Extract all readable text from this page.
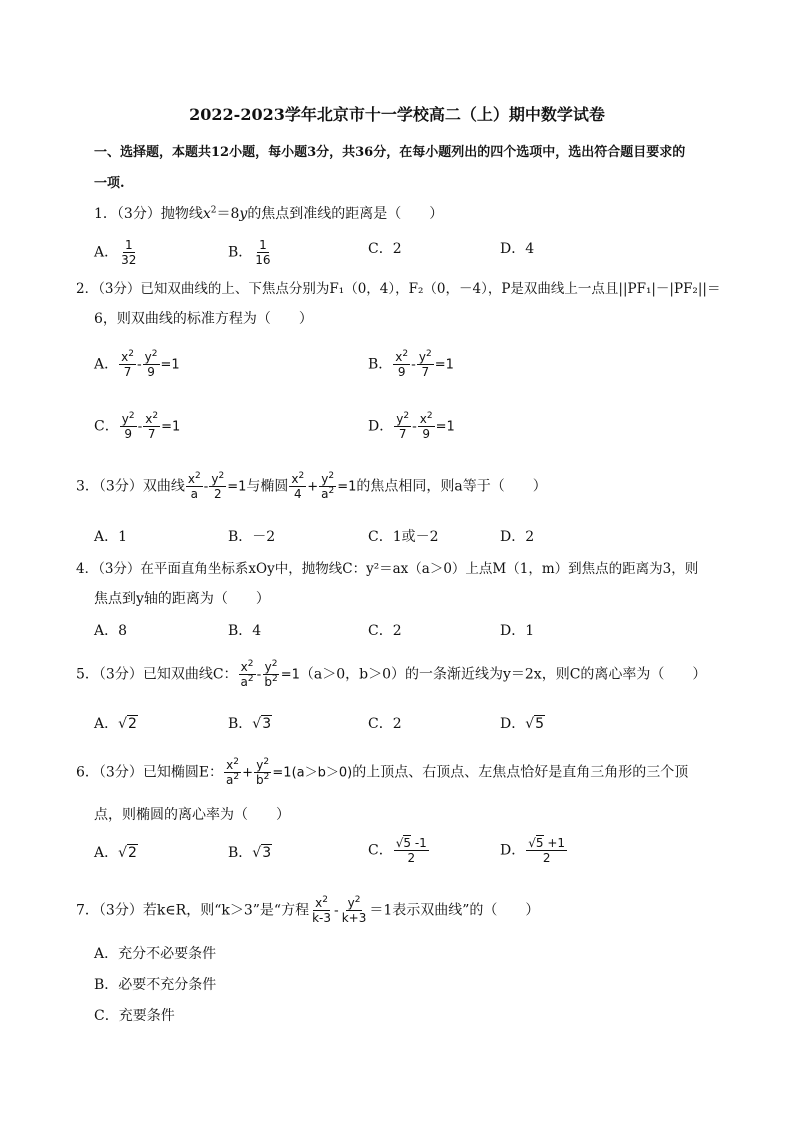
2022-2023学年北京市十一学校高二（上）期中数学试卷
一、选择题，本题共12小题，每小题3分，共36分，在每小题列出的四个选项中，选出符合题目要求的
一项.
1．（3分）抛物线$x^2=8y$的焦点到准线的距离是（　　）
A． $\frac{1}{32}$	B． $\frac{1}{16}$	C．2	D．4
2．（3分）已知双曲线的上、下焦点分别为F₁（0，4），F₂（0，－4），P是双曲线上一点且||PF₁|－|PF₂||＝
6，则双曲线的标准方程为（　　）
A． $\frac{x^2}{7} - \frac{y^2}{9} =1$	B． $\frac{x^2}{9} - \frac{y^2}{7} =1$
C． $\frac{y^2}{9} - \frac{x^2}{7} =1$	D． $\frac{y^2}{7} - \frac{x^2}{9} =1$
3．（3分）双曲线 $\frac{x^2}{a} - \frac{y^2}{2} =1$与椭圆 $\frac{x^2}{4} + \frac{y^2}{a^2} =1$的焦点相同，则a等于（　　）
A．1	B．－2	C．1或－2	D．2
4．（3分）在平面直角坐标系xOy中，抛物线C：y²＝ax（a＞0）上点M（1，m）到焦点的距离为3，则
焦点到y轴的距离为（　　）
A．8	B．4	C．2	D．1
5．（3分）已知双曲线C： $\frac{x^2}{a^2} - \frac{y^2}{b^2} =1(a>0$，b＞0）的一条渐近线为y＝2x，则C的离心率为（　　）
A．√2	B．√3	C．2	D．√5
6．（3分）已知椭圆E： $\frac{x^2}{a^2} + \frac{y^2}{b^2} =1(a>b>0)$的上顶点、右顶点、左焦点恰好是直角三角形的三个顶
点，则椭圆的离心率为（　　）
A．√2	B．√3	C． $\frac{√5 -1}{2}$	D． $\frac{√5 +1}{2}$
7．（3分）若k∈R，则“k＞3”是“方程 $\frac{x^2}{k-3} - \frac{y^2}{k+3} =1$表示双曲线”的（　　）
A．充分不必要条件
B．必要不充分条件
C．充要条件
